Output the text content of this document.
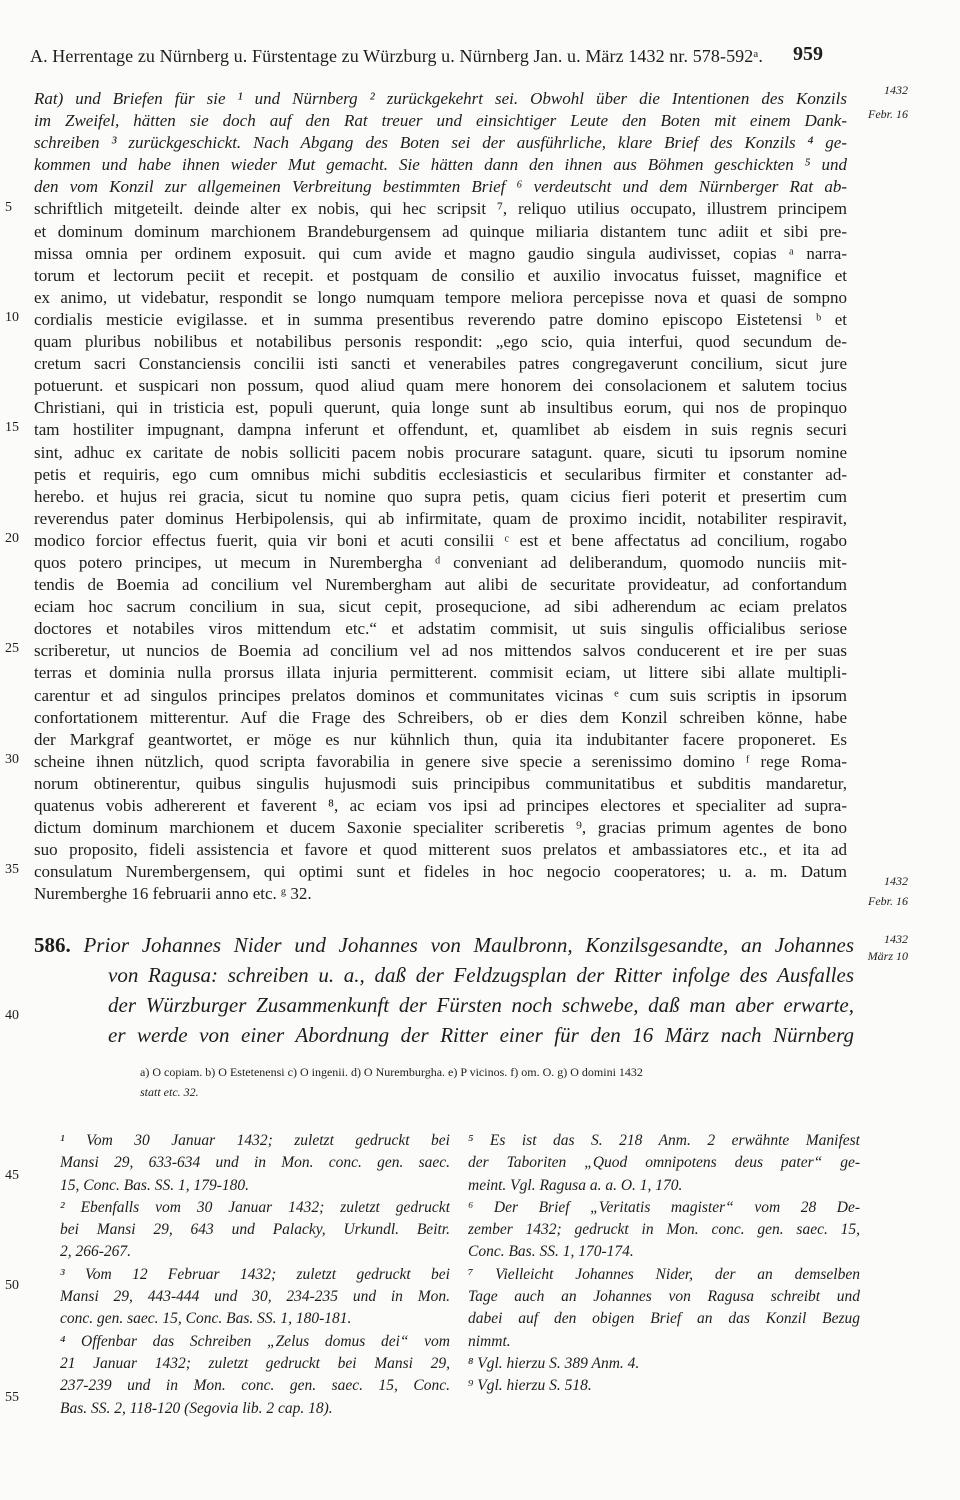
A. Herrentage zu Nürnberg u. Fürstentage zu Würzburg u. Nürnberg Jan. u. März 1432 nr. 578-592ᵃ.	959
1432
Febr. 16
1432
Febr. 16
1432
März 10
5
10
15
20
25
30
35
40
45
50
55
Rat) und Briefen für sie ¹ und Nürnberg ² zurückgekehrt sei. Obwohl über die Intentionen des Konzils
im Zweifel, hätten sie doch auf den Rat treuer und einsichtiger Leute den Boten mit einem Dank-
schreiben ³ zurückgeschickt. Nach Abgang des Boten sei der ausführliche, klare Brief des Konzils ⁴ ge-
kommen und habe ihnen wieder Mut gemacht. Sie hätten dann den ihnen aus Böhmen geschickten ⁵ und
den vom Konzil zur allgemeinen Verbreitung bestimmten Brief ⁶ verdeutscht und dem Nürnberger Rat ab-
schriftlich mitgeteilt. deinde alter ex nobis, qui hec scripsit ⁷, reliquo utilius occupato, illustrem principem
et dominum dominum marchionem Brandeburgensem ad quinque miliaria distantem tunc adiit et sibi pre-
missa omnia per ordinem exposuit. qui cum avide et magno gaudio singula audivisset, copias ᵃ narra-
torum et lectorum peciit et recepit. et postquam de consilio et auxilio invocatus fuisset, magnifice et
ex animo, ut videbatur, respondit se longo numquam tempore meliora percepisse nova et quasi de sompno
cordialis mesticie evigilasse. et in summa presentibus reverendo patre domino episcopo Eistetensi ᵇ et
quam pluribus nobilibus et notabilibus personis respondit: „ego scio, quia interfui, quod secundum de-
cretum sacri Constanciensis concilii isti sancti et venerabiles patres congregaverunt concilium, sicut jure
potuerunt. et suspicari non possum, quod aliud quam mere honorem dei consolacionem et salutem tocius
Christiani, qui in tristicia est, populi querunt, quia longe sunt ab insultibus eorum, qui nos de propinquo
tam hostiliter impugnant, dampna inferunt et offendunt, et, quamlibet ab eisdem in suis regnis securi
sint, adhuc ex caritate de nobis solliciti pacem nobis procurare satagunt. quare, sicuti tu ipsorum nomine
petis et requiris, ego cum omnibus michi subditis ecclesiasticis et secularibus firmiter et constanter ad-
herebo. et hujus rei gracia, sicut tu nomine quo supra petis, quam cicius fieri poterit et presertim cum
reverendus pater dominus Herbipolensis, qui ab infirmitate, quam de proximo incidit, notabiliter respiravit,
modico forcior effectus fuerit, quia vir boni et acuti consilii ᶜ est et bene affectatus ad concilium, rogabo
quos potero principes, ut mecum in Nurembergha ᵈ conveniant ad deliberandum, quomodo nunciis mit-
tendis de Boemia ad concilium vel Nurembergham aut alibi de securitate provideatur, ad confortandum
eciam hoc sacrum concilium in sua, sicut cepit, prosequcione, ad sibi adherendum ac eciam prelatos
doctores et notabiles viros mittendum etc.“ et adstatim commisit, ut suis singulis officialibus seriose
scriberetur, ut nuncios de Boemia ad concilium vel ad nos mittendos salvos conducerent et ire per suas
terras et dominia nulla prorsus illata injuria permitterent. commisit eciam, ut littere sibi allate multipli-
carentur et ad singulos principes prelatos dominos et communitates vicinas ᵉ cum suis scriptis in ipsorum
confortationem mitterentur. Auf die Frage des Schreibers, ob er dies dem Konzil schreiben könne, habe
der Markgraf geantwortet, er möge es nur kühnlich thun, quia ita indubitanter facere proponeret. Es
scheine ihnen nützlich, quod scripta favorabilia in genere sive specie a serenissimo domino ᶠ rege Roma-
norum obtinerentur, quibus singulis hujusmodi suis principibus communitatibus et subditis mandaretur,
quatenus vobis adhererent et faverent ⁸, ac eciam vos ipsi ad principes electores et specialiter ad supra-
dictum dominum marchionem et ducem Saxonie specialiter scriberetis ⁹, gracias primum agentes de bono
suo proposito, fideli assistencia et favore et quod mitterent suos prelatos et ambassiatores etc., et ita ad
consulatum Nurembergensem, qui optimi sunt et fideles in hoc negocio cooperatores; u. a. m. Datum
Nuremberghe 16 februarii anno etc. ᵍ 32.
586. Prior Johannes Nider und Johannes von Maulbronn, Konzilsgesandte, an Johannes
von Ragusa: schreiben u. a., daß der Feldzugsplan der Ritter infolge des Ausfalles
der Würzburger Zusammenkunft der Fürsten noch schwebe, daß man aber erwarte,
er werde von einer Abordnung der Ritter einer für den 16 März nach Nürnberg
a) O copiam. b) O Estetenensi c) O ingenii. d) O Nuremburgha. e) P vicinos. f) om. O. g) O domini 1432
statt etc. 32.
¹ Vom 30 Januar 1432; zuletzt gedruckt bei
Mansi 29, 633-634 und in Mon. conc. gen. saec.
15, Conc. Bas. SS. 1, 179-180.
² Ebenfalls vom 30 Januar 1432; zuletzt gedruckt
bei Mansi 29, 643 und Palacky, Urkundl. Beitr.
2, 266-267.
³ Vom 12 Februar 1432; zuletzt gedruckt bei
Mansi 29, 443-444 und 30, 234-235 und in Mon.
conc. gen. saec. 15, Conc. Bas. SS. 1, 180-181.
⁴ Offenbar das Schreiben „Zelus domus dei“ vom
21 Januar 1432; zuletzt gedruckt bei Mansi 29,
237-239 und in Mon. conc. gen. saec. 15, Conc.
Bas. SS. 2, 118-120 (Segovia lib. 2 cap. 18).
⁵ Es ist das S. 218 Anm. 2 erwähnte Manifest
der Taboriten „Quod omnipotens deus pater“ ge-
meint. Vgl. Ragusa a. a. O. 1, 170.
⁶ Der Brief „Veritatis magister“ vom 28 De-
zember 1432; gedruckt in Mon. conc. gen. saec. 15,
Conc. Bas. SS. 1, 170-174.
⁷ Vielleicht Johannes Nider, der an demselben
Tage auch an Johannes von Ragusa schreibt und
dabei auf den obigen Brief an das Konzil Bezug
nimmt.
⁸ Vgl. hierzu S. 389 Anm. 4.
⁹ Vgl. hierzu S. 518.
